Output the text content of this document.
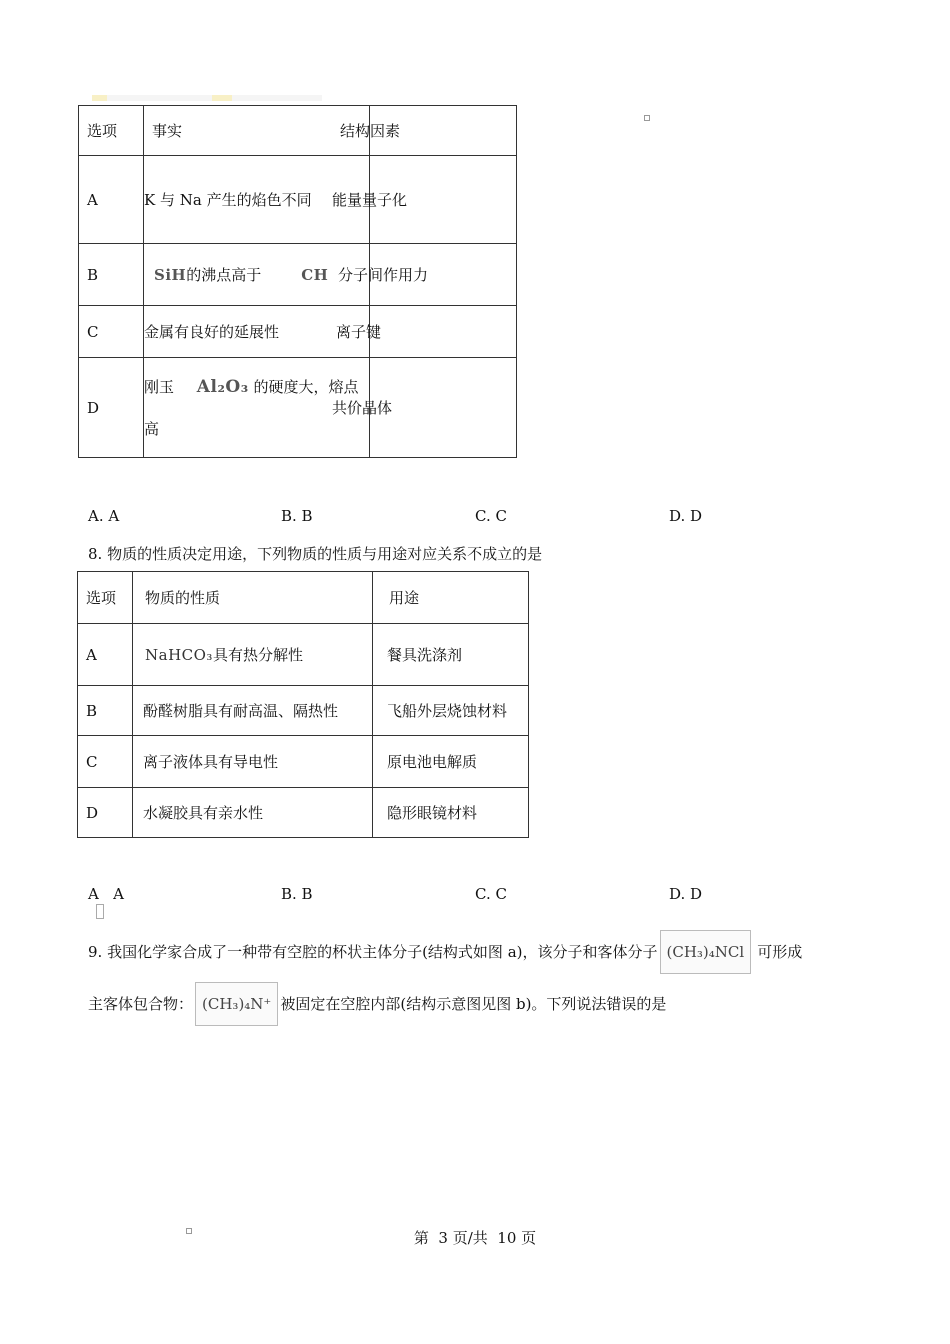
选项	事实	结构因素
A	K 与 Na 产生的焰色不同	能量量子化
B	SiH的沸点高于 CH	分子间作用力
C	金属有良好的延展性	离子键
D	刚玉 Al₂O₃ 的硬度大，熔点高	共价晶体
A. A	B. B	C. C	D. D
8. 物质的性质决定用途，下列物质的性质与用途对应关系不成立的是
选项	物质的性质	用途
A	NaHCO₃具有热分解性	餐具洗涤剂
B	酚醛树脂具有耐高温、隔热性	飞船外层烧蚀材料
C	离子液体具有导电性	原电池电解质
D	水凝胶具有亲水性	隐形眼镜材料
A   A	B. B	C. C	D. D
9. 我国化学家合成了一种带有空腔的杯状主体分子(结构式如图 a)，该分子和客体分子 (CH₃)₄NCl 可形成
主客体包合物： (CH₃)₄N⁺ 被固定在空腔内部(结构示意图见图 b)。下列说法错误的是
第  3 页/共  10 页
